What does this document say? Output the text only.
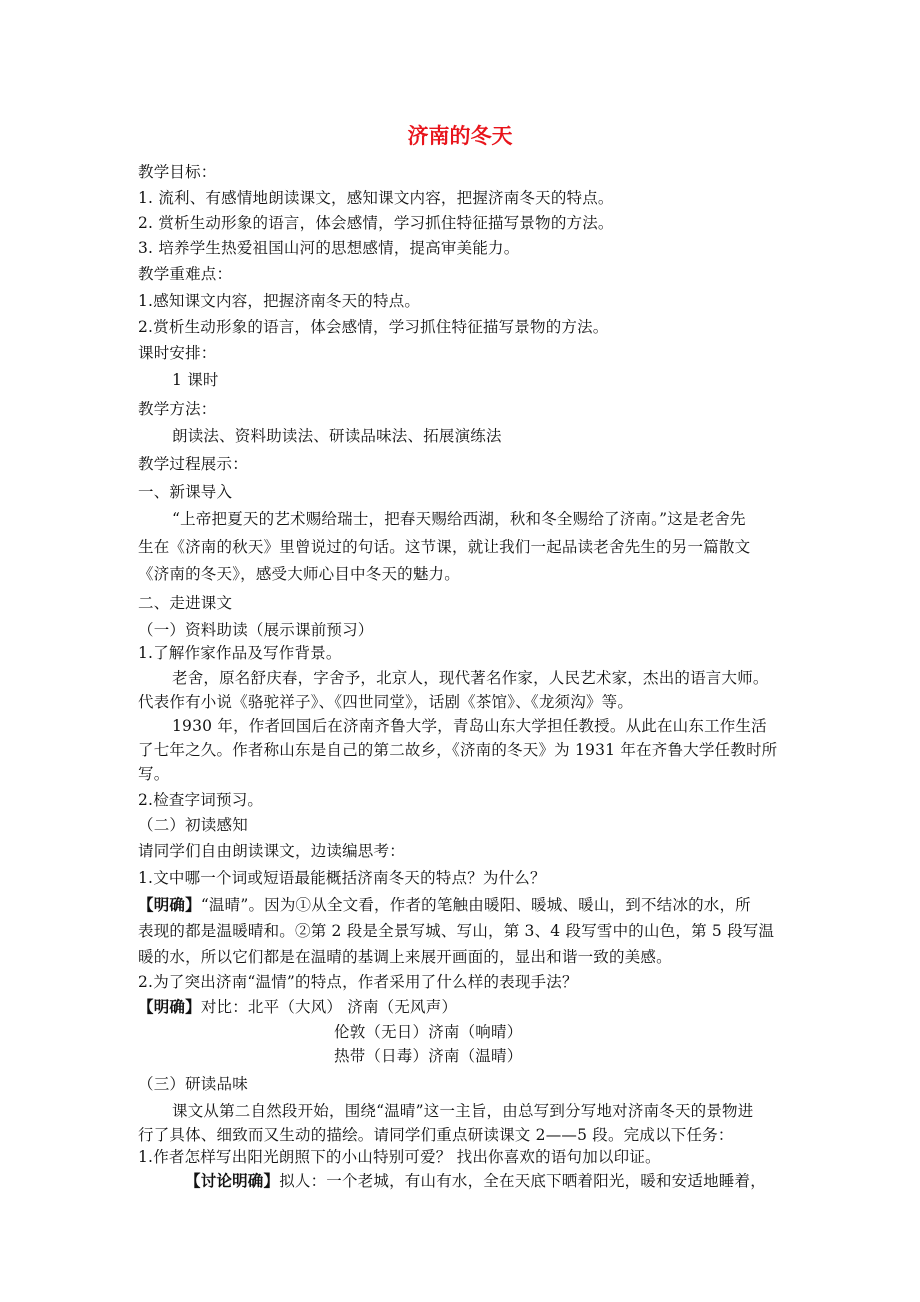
济南的冬天
教学目标：
1. 流利、有感情地朗读课文，感知课文内容，把握济南冬天的特点。
2. 赏析生动形象的语言，体会感情，学习抓住特征描写景物的方法。
3. 培养学生热爱祖国山河的思想感情，提高审美能力。
教学重难点：
1.感知课文内容，把握济南冬天的特点。
2.赏析生动形象的语言，体会感情，学习抓住特征描写景物的方法。
课时安排：
1 课时
教学方法：
朗读法、资料助读法、研读品味法、拓展演练法
教学过程展示：
一、新课导入
“上帝把夏天的艺术赐给瑞士，把春天赐给西湖，秋和冬全赐给了济南。”这是老舍先
生在《济南的秋天》里曾说过的句话。这节课，就让我们一起品读老舍先生的另一篇散文
《济南的冬天》，感受大师心目中冬天的魅力。
二、走进课文
（一）资料助读（展示课前预习）
1.了解作家作品及写作背景。
老舍，原名舒庆春，字舍予，北京人，现代著名作家，人民艺术家，杰出的语言大师。
代表作有小说《骆驼祥子》、《四世同堂》，话剧《茶馆》、《龙须沟》等。
1930 年，作者回国后在济南齐鲁大学，青岛山东大学担任教授。从此在山东工作生活
了七年之久。作者称山东是自己的第二故乡，《济南的冬天》为 1931 年在齐鲁大学任教时所
写。
2.检查字词预习。
（二）初读感知
请同学们自由朗读课文，边读编思考：
1.文中哪一个词或短语最能概括济南冬天的特点？为什么？
【明确】“温晴”。因为①从全文看，作者的笔触由暖阳、暖城、暖山，到不结冰的水，所
表现的都是温暖晴和。②第 2 段是全景写城、写山，第 3、4 段写雪中的山色，第 5 段写温
暖的水，所以它们都是在温晴的基调上来展开画面的，显出和谐一致的美感。
2.为了突出济南“温情”的特点，作者采用了什么样的表现手法？
【明确】对比：北平（大风） 济南（无风声）
伦敦（无日）济南（响晴）
热带（日毒）济南（温晴）
（三）研读品味
课文从第二自然段开始，围绕“温晴”这一主旨，由总写到分写地对济南冬天的景物进
行了具体、细致而又生动的描绘。请同学们重点研读课文 2——5 段。完成以下任务：
1.作者怎样写出阳光朗照下的小山特别可爱？ 找出你喜欢的语句加以印证。
【讨论明确】拟人：一个老城，有山有水，全在天底下晒着阳光，暖和安适地睡着，
